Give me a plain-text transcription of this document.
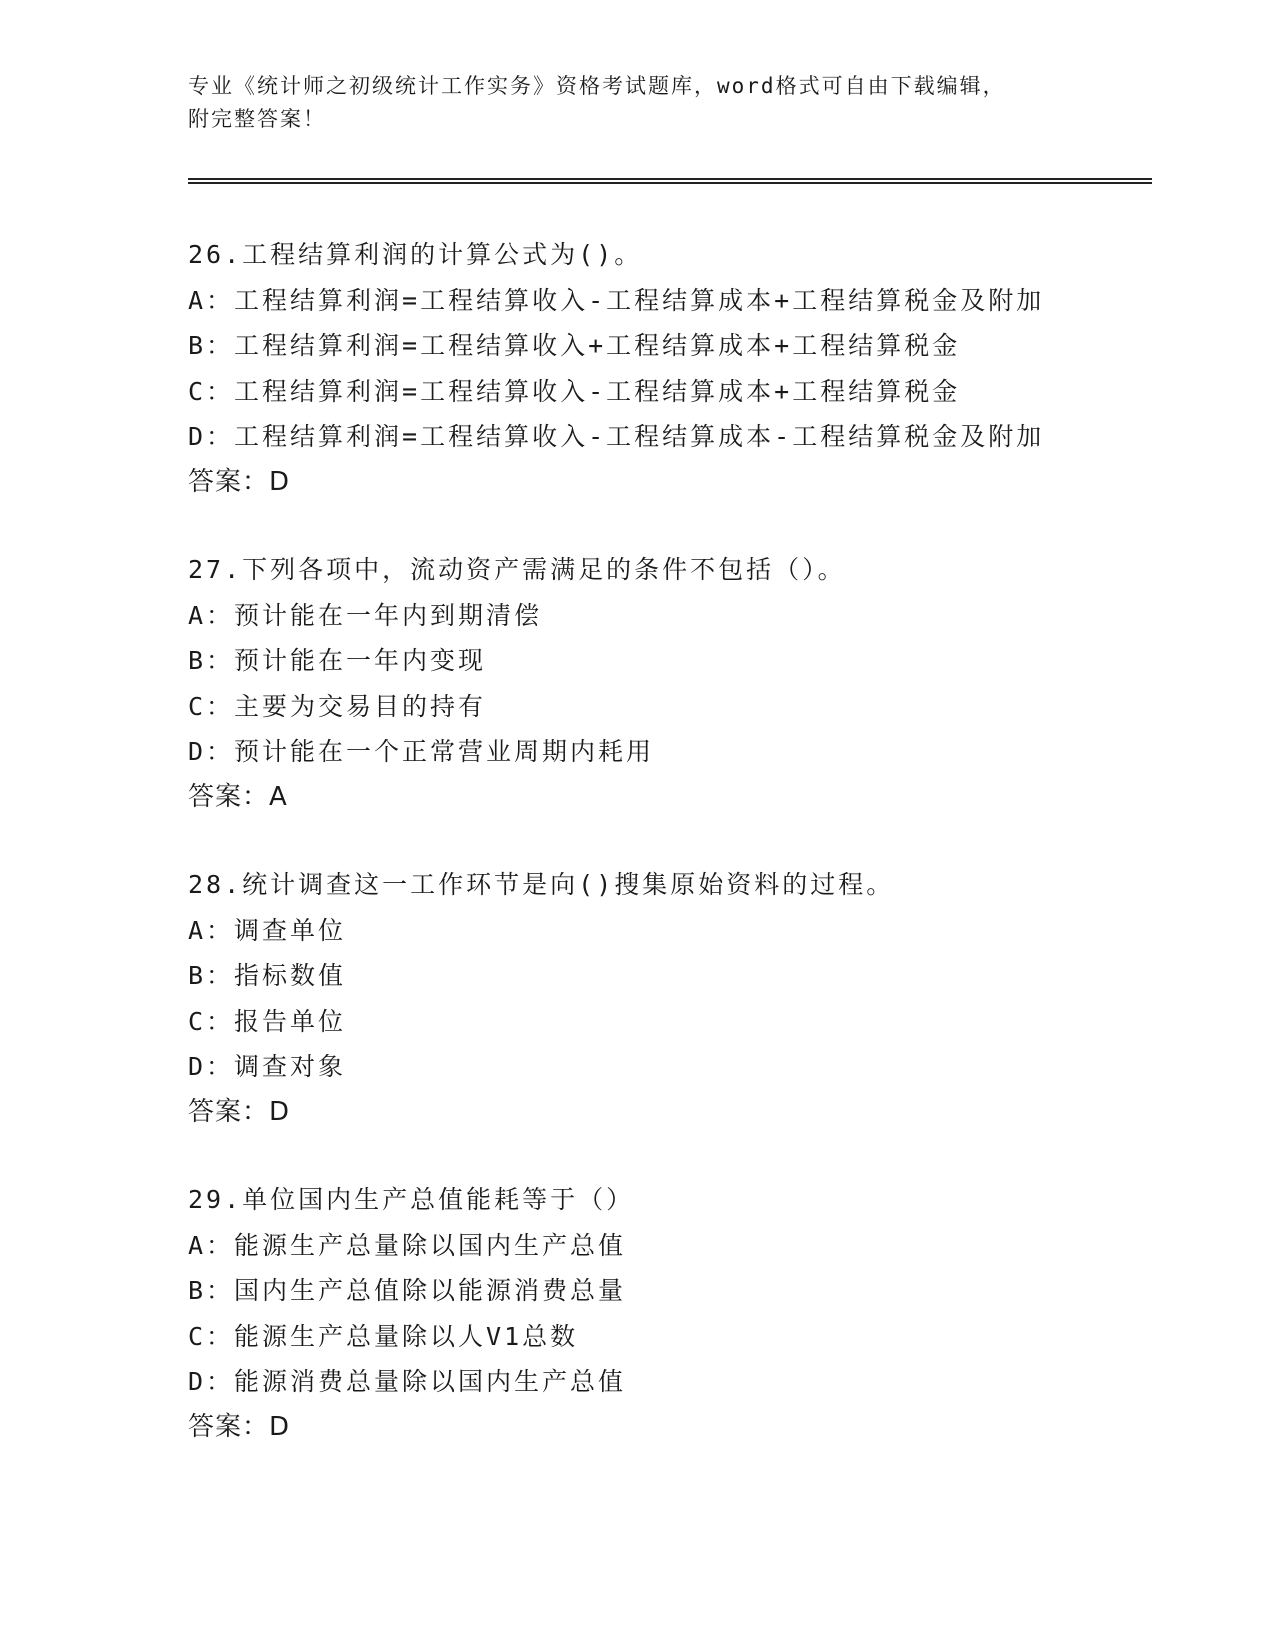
专业《统计师之初级统计工作实务》资格考试题库，word格式可自由下载编辑，

附完整答案！

26.工程结算利润的计算公式为()。

A：工程结算利润=工程结算收入-工程结算成本+工程结算税金及附加

B：工程结算利润=工程结算收入+工程结算成本+工程结算税金

C：工程结算利润=工程结算收入-工程结算成本+工程结算税金

D：工程结算利润=工程结算收入-工程结算成本-工程结算税金及附加

答案：D

27.下列各项中，流动资产需满足的条件不包括（）。

A：预计能在一年内到期清偿

B：预计能在一年内变现

C：主要为交易目的持有

D：预计能在一个正常营业周期内耗用

答案：A

28.统计调查这一工作环节是向()搜集原始资料的过程。

A：调查单位

B：指标数值

C：报告单位

D：调查对象

答案：D

29.单位国内生产总值能耗等于（）

A：能源生产总量除以国内生产总值

B：国内生产总值除以能源消费总量

C：能源生产总量除以人V1总数

D：能源消费总量除以国内生产总值

答案：D
